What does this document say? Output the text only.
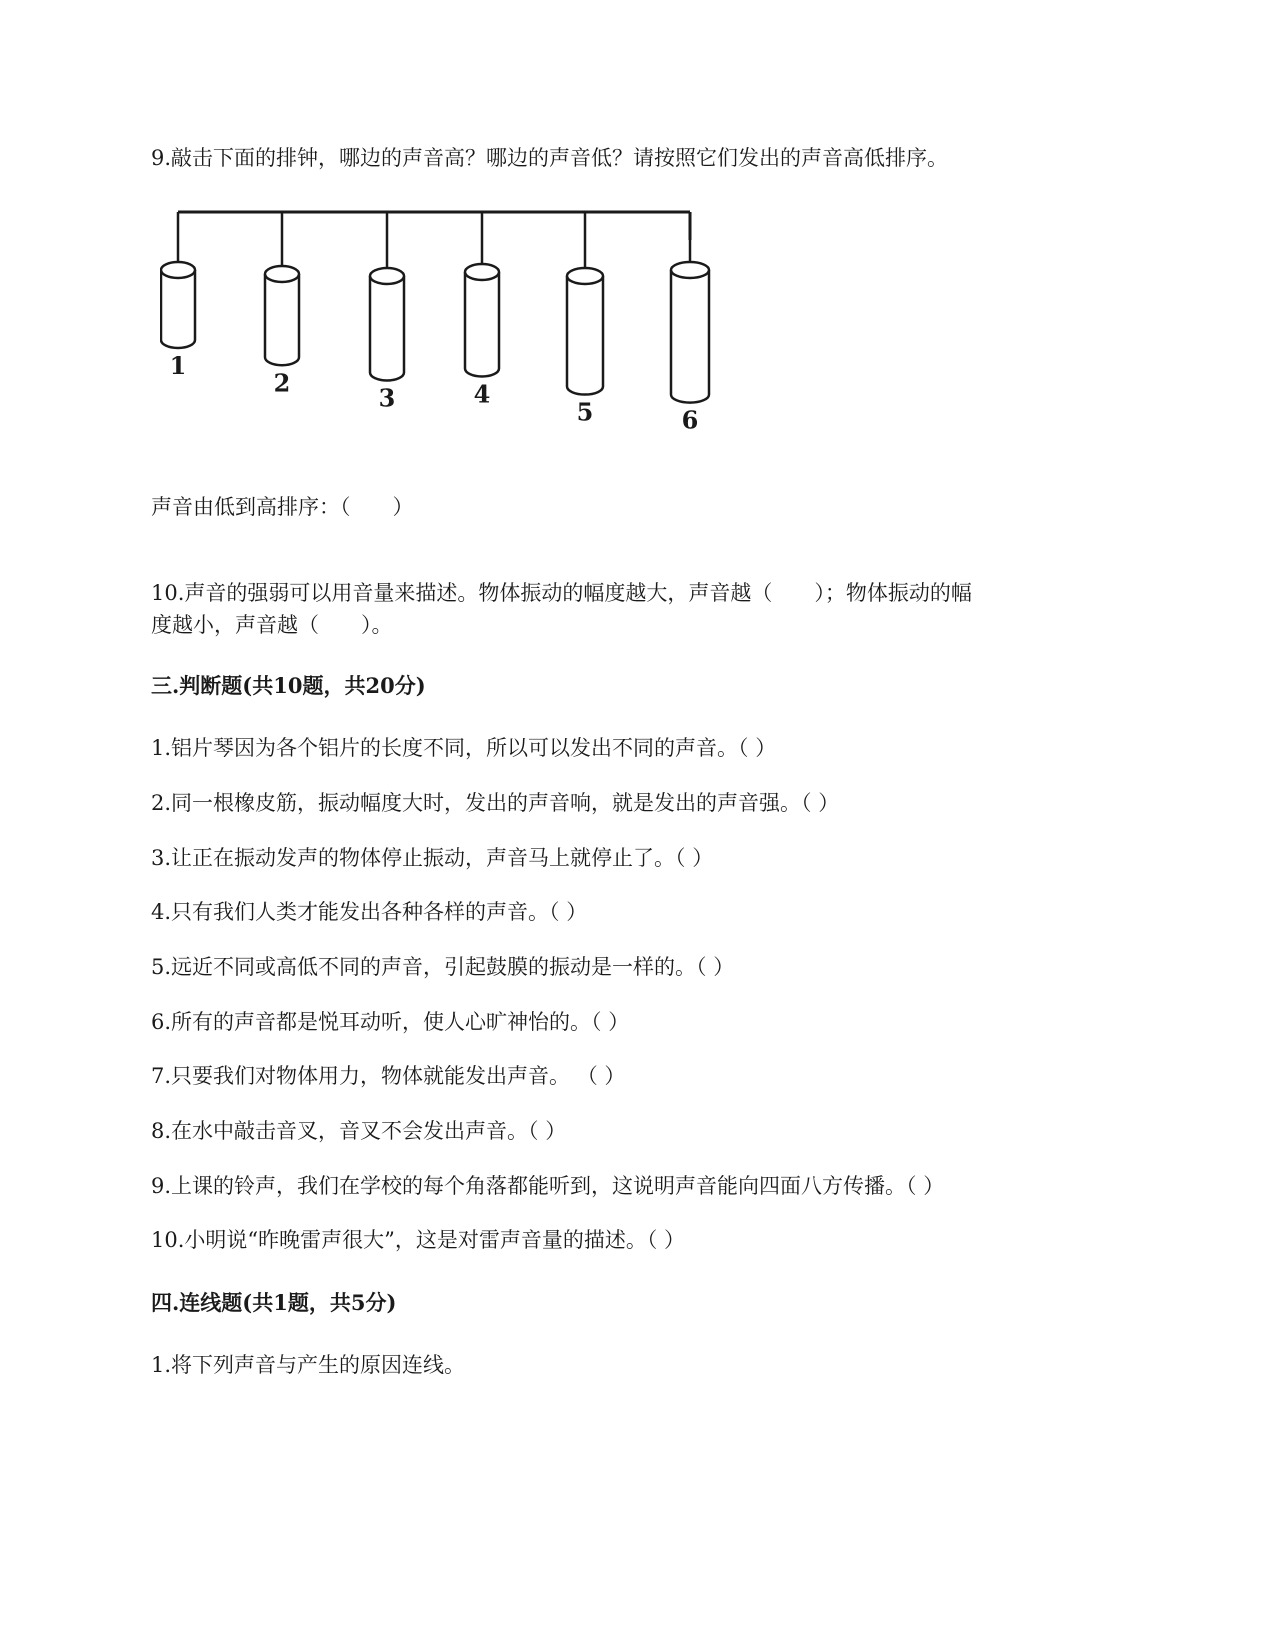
9.敲击下面的排钟，哪边的声音高？哪边的声音低？请按照它们发出的声音高低排序。
1
2
3	4
5	6
声音由低到高排序：（　　）
10.声音的强弱可以用音量来描述。物体振动的幅度越大，声音越（　　）；物体振动的幅
度越小，声音越（　　）。
三.判断题(共10题，共20分)
1.铝片琴因为各个铝片的长度不同，所以可以发出不同的声音。（ ）
2.同一根橡皮筋，振动幅度大时，发出的声音响，就是发出的声音强。（ ）
3.让正在振动发声的物体停止振动，声音马上就停止了。（ ）
4.只有我们人类才能发出各种各样的声音。（ ）
5.远近不同或高低不同的声音，引起鼓膜的振动是一样的。（ ）
6.所有的声音都是悦耳动听，使人心旷神怡的。（ ）
7.只要我们对物体用力，物体就能发出声音。 （ ）
8.在水中敲击音叉，音叉不会发出声音。（ ）
9.上课的铃声，我们在学校的每个角落都能听到，这说明声音能向四面八方传播。（ ）
10.小明说“昨晚雷声很大”，这是对雷声音量的描述。（ ）
四.连线题(共1题，共5分)
1.将下列声音与产生的原因连线。
